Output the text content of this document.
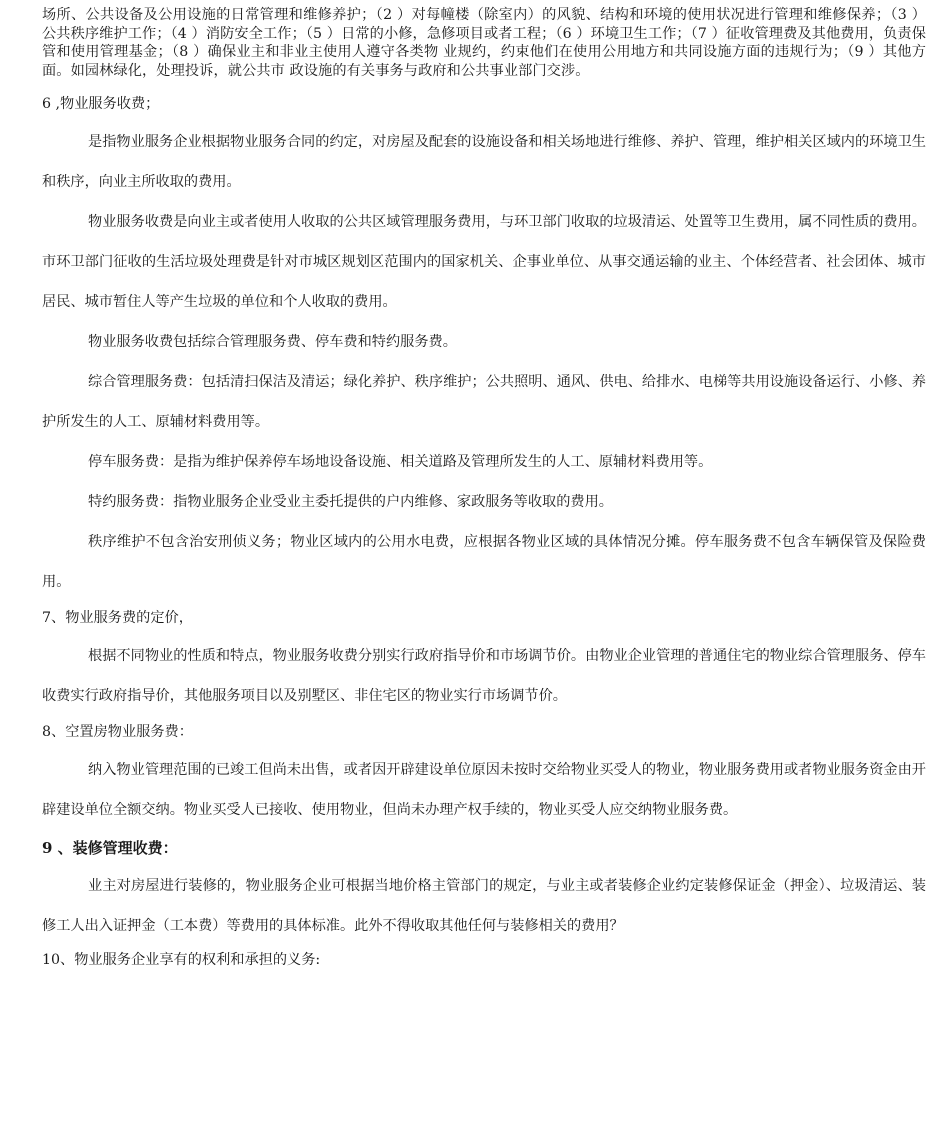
场所、公共设备及公用设施的日常管理和维修养护；（2 ）对每幢楼（除室内）的风貌、结构和环境的使用状况进行管理和维修保养；（3 ）公共秩序维护工作；（4 ）消防安全工作；（5 ）日常的小修，急修项目或者工程；（6 ）环境卫生工作；（7 ）征收管理费及其他费用，负责保管和使用管理基金；（8 ）确保业主和非业主使用人遵守各类物 业规约，约束他们在使用公用地方和共同设施方面的违规行为；（9 ）其他方面。如园林绿化，处理投诉，就公共市 政设施的有关事务与政府和公共事业部门交涉。

6 ,物业服务收费；

是指物业服务企业根据物业服务合同的约定，对房屋及配套的设施设备和相关场地进行维修、养护、管理，维护相关区域内的环境卫生和秩序，向业主所收取的费用。

物业服务收费是向业主或者使用人收取的公共区域管理服务费用，与环卫部门收取的垃圾清运、处置等卫生费用，属不同性质的费用。市环卫部门征收的生活垃圾处理费是针对市城区规划区范围内的国家机关、企事业单位、从事交通运输的业主、个体经营者、社会团体、城市居民、城市暂住人等产生垃圾的单位和个人收取的费用。

物业服务收费包括综合管理服务费、停车费和特约服务费。

综合管理服务费：包括清扫保洁及清运；绿化养护、秩序维护；公共照明、通风、供电、给排水、电梯等共用设施设备运行、小修、养护所发生的人工、原辅材料费用等。

停车服务费：是指为维护保养停车场地设备设施、相关道路及管理所发生的人工、原辅材料费用等。

特约服务费：指物业服务企业受业主委托提供的户内维修、家政服务等收取的费用。

秩序维护不包含治安刑侦义务；物业区域内的公用水电费，应根据各物业区域的具体情况分摊。停车服务费不包含车辆保管及保险费用。

7、物业服务费的定价，

根据不同物业的性质和特点，物业服务收费分别实行政府指导价和市场调节价。由物业企业管理的普通住宅的物业综合管理服务、停车收费实行政府指导价，其他服务项目以及别墅区、非住宅区的物业实行市场调节价。

8、空置房物业服务费：

纳入物业管理范围的已竣工但尚未出售，或者因开辟建设单位原因未按时交给物业买受人的物业，物业服务费用或者物业服务资金由开辟建设单位全额交纳。物业买受人已接收、使用物业，但尚未办理产权手续的，物业买受人应交纳物业服务费。

9 、装修管理收费：

业主对房屋进行装修的，物业服务企业可根据当地价格主管部门的规定，与业主或者装修企业约定装修保证金（押金）、垃圾清运、装修工人出入证押金（工本费）等费用的具体标准。此外不得收取其他任何与装修相关的费用？

10、物业服务企业享有的权利和承担的义务:
